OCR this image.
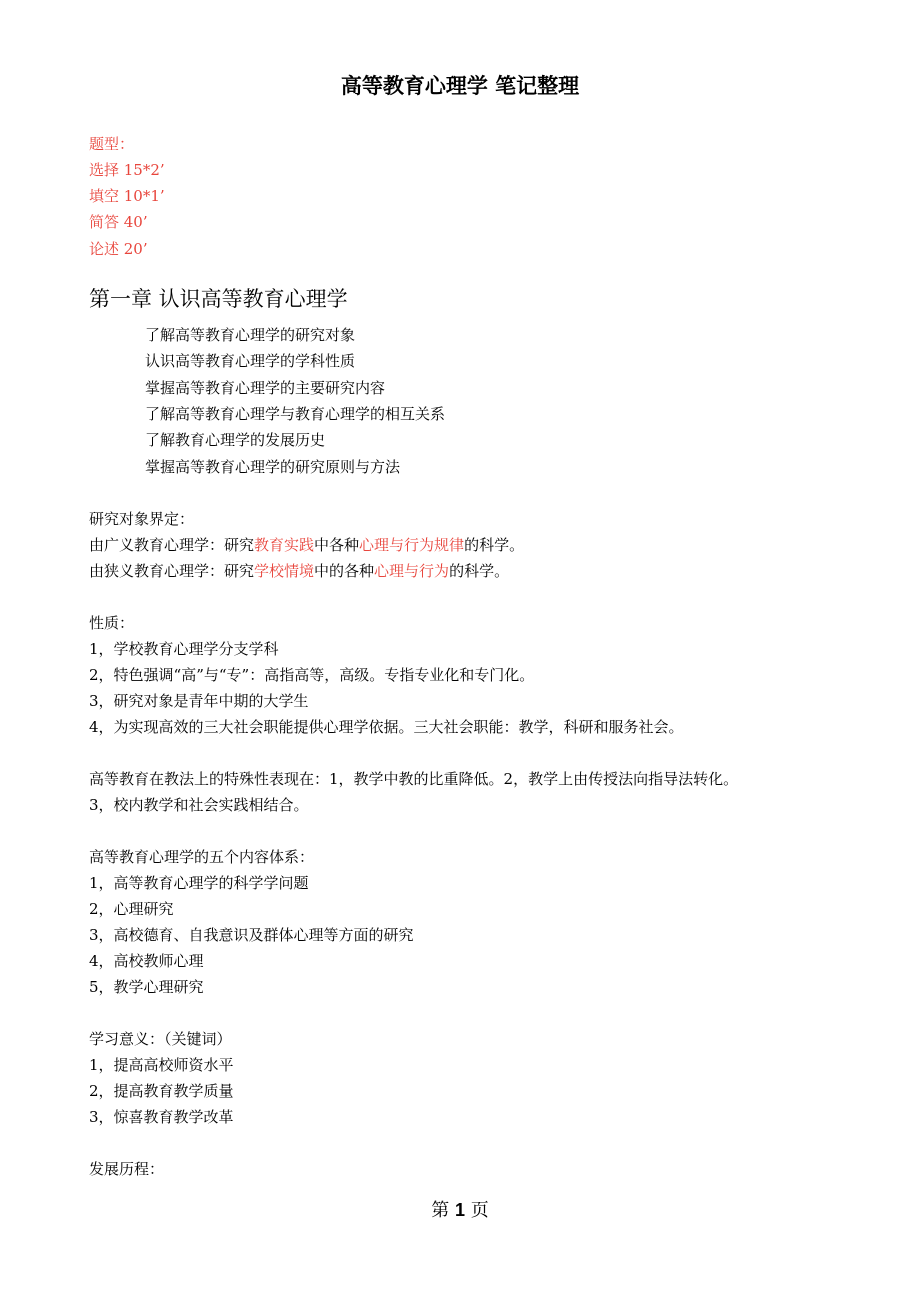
高等教育心理学 笔记整理
题型：
选择 15*2’
填空 10*1’
简答 40’
论述 20’
第一章 认识高等教育心理学
了解高等教育心理学的研究对象
认识高等教育心理学的学科性质
掌握高等教育心理学的主要研究内容
了解高等教育心理学与教育心理学的相互关系
了解教育心理学的发展历史
掌握高等教育心理学的研究原则与方法
研究对象界定：
由广义教育心理学：研究教育实践中各种心理与行为规律的科学。
由狭义教育心理学：研究学校情境中的各种心理与行为的科学。
性质：
1，学校教育心理学分支学科
2，特色强调“高”与“专”：高指高等，高级。专指专业化和专门化。
3，研究对象是青年中期的大学生
4，为实现高效的三大社会职能提供心理学依据。三大社会职能：教学，科研和服务社会。
高等教育在教法上的特殊性表现在：1，教学中教的比重降低。2，教学上由传授法向指导法转化。
3，校内教学和社会实践相结合。
高等教育心理学的五个内容体系：
1，高等教育心理学的科学学问题
2，心理研究
3，高校德育、自我意识及群体心理等方面的研究
4，高校教师心理
5，教学心理研究
学习意义：（关键词）
1，提高高校师资水平
2，提高教育教学质量
3，惊喜教育教学改革
发展历程：
第 1 页
